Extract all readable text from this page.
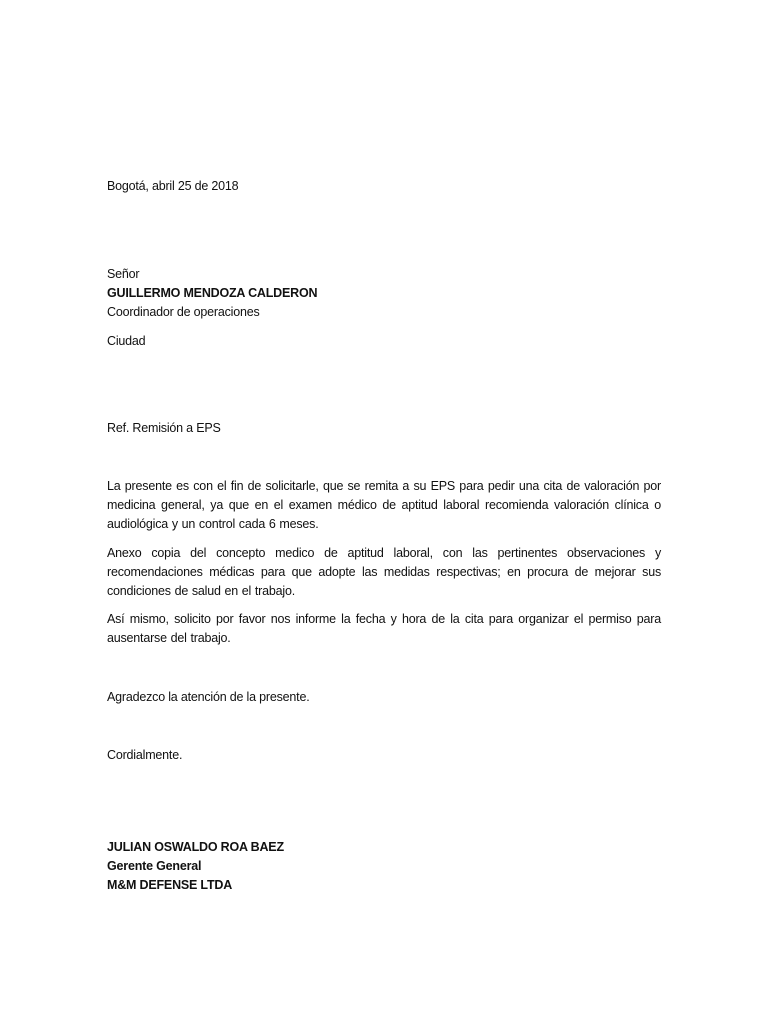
Bogotá, abril 25 de 2018
Señor
GUILLERMO MENDOZA CALDERON
Coordinador de operaciones
Ciudad
Ref. Remisión a EPS

La presente es con el fin de solicitarle, que se remita a su EPS para pedir una cita de valoración por medicina general, ya que en el examen médico de aptitud laboral recomienda valoración clínica o audiológica y un control cada 6 meses.

Anexo copia del concepto medico de aptitud laboral, con las pertinentes observaciones y recomendaciones médicas para que adopte las medidas respectivas; en procura de mejorar sus condiciones de salud en el trabajo.

Así mismo, solicito por favor nos informe la fecha y hora de la cita para organizar el permiso para ausentarse del trabajo.

Agradezco la atención de la presente.
Cordialmente.
JULIAN OSWALDO ROA BAEZ
Gerente General
M&M DEFENSE LTDA
